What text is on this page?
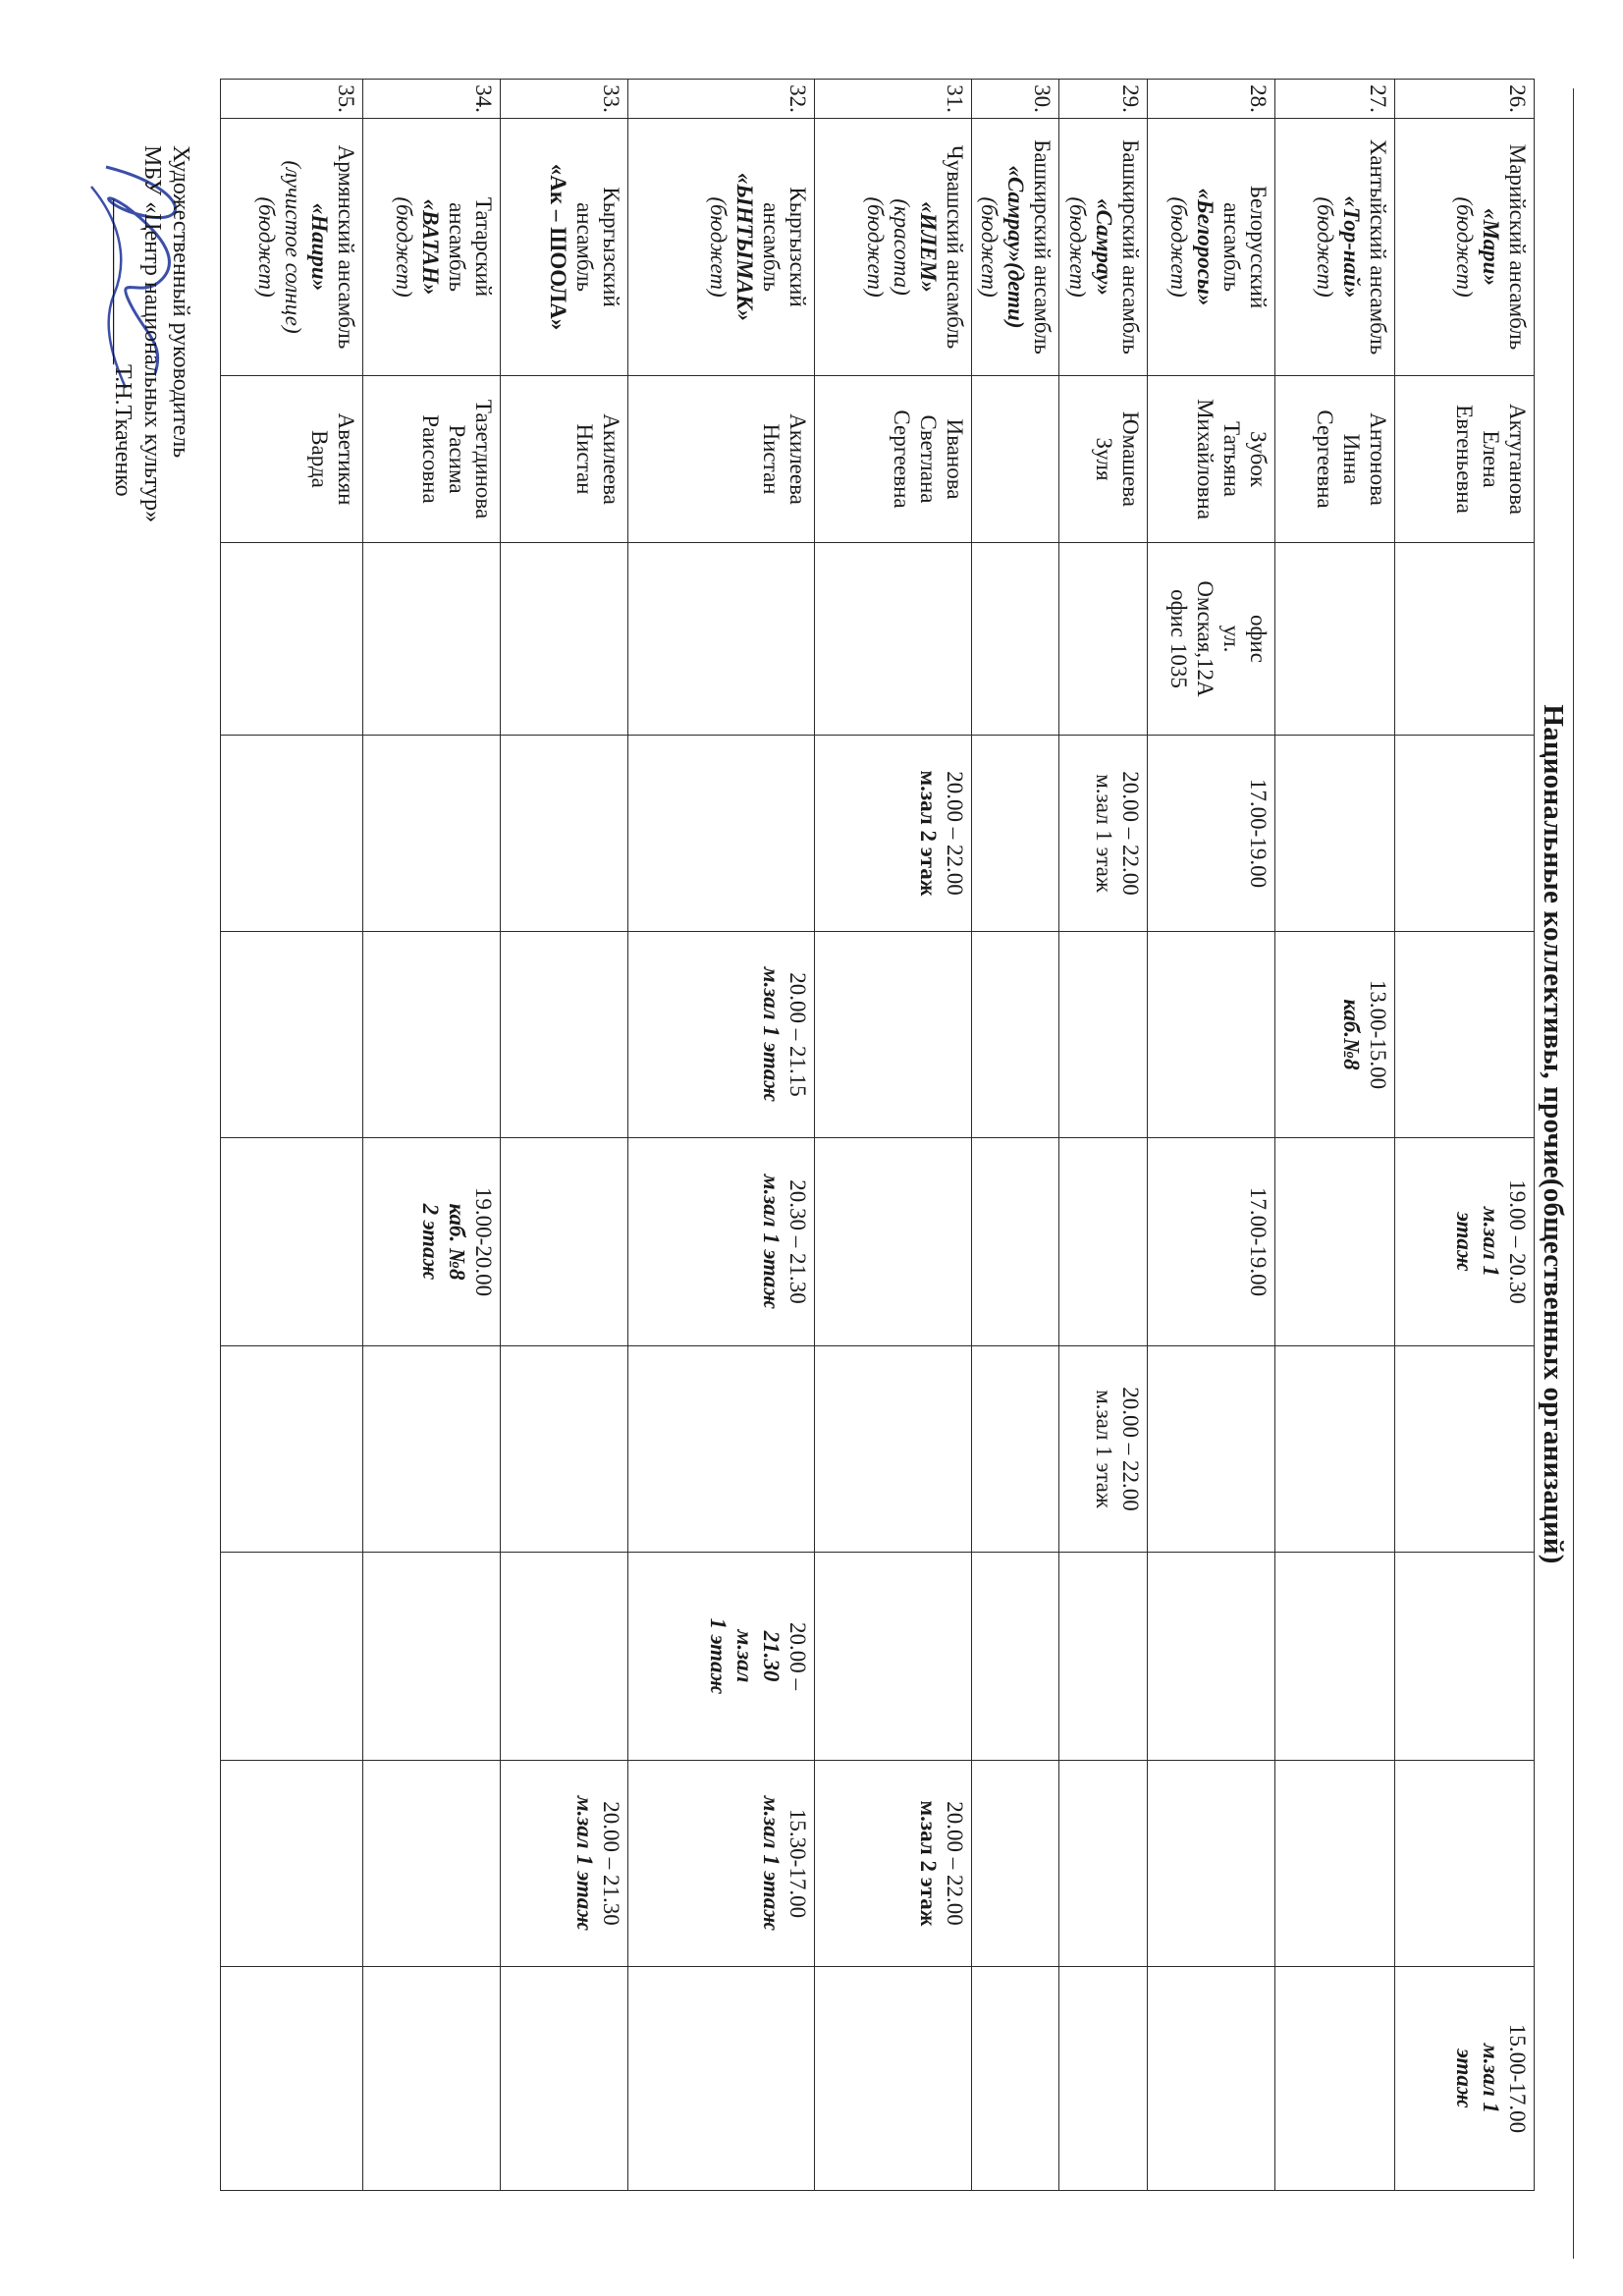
Национальные коллективы, прочие(общественных организаций)
26.	Марийский ансамбль
«Мари»
(бюджет)	Актуганова
Елена
Евгеньевна				19.00 – 20.30
м.зал 1
этаж				15.00-17.00
м.зал 1
этаж

27.	Хантыйский ансамбль
«Тор-най»
(бюджет)	Антонова
Инна
Сергеевна			13.00-15.00
каб.№8					

28.	Белорусский
ансамбль
«Белоросы»
(бюджет)	Зубок
Татьяна
Михайловна	офис
ул.
Омская,12А
офис 1035	17.00-19.00		17.00-19.00				

29.	Башкирский ансамбль
«Самрау»
(бюджет)	Юмашева
Зуля		20.00 – 22.00
м.зал 1 этаж			20.00 – 22.00
м.зал 1 этаж			

30.	Башкирский ансамбль
«Самрау»(дети)
(бюджет)									

31.	Чувашский ансамбль
«ИЛЕМ»
(красота)
(бюджет)	Иванова
Светлана
Сергеевна		20.00 – 22.00
м.зал 2 этаж					20.00 – 22.00
м.зал 2 этаж	

32.	Кыргызский
ансамбль
«ЫНТЫМАК»
(бюджет)	Акилеева
Нистан			20.00 – 21.15
м.зал 1 этаж	20.30 – 21.30
м.зал 1 этаж		20.00 –
21.30
м.зал
1 этаж	15.30-17.00
м.зал 1 этаж	

33.	Кыргызский
ансамбль
«Ак – ШООЛА»	Акилеева
Нистан							20.00 – 21.30
м.зал 1 этаж	

34.	Татарский
ансамбль
«ВАТАН»
(бюджет)	Тазетдинова
Расима Раисовна				19.00-20.00
каб. №8
2 этаж				

35.	Армянский ансамбль
«Наири»
(лучистое солнце)
(бюджет)	Аветикян
Варда								

Художественный руководитель
МБУ «Центр национальных культур»
______________Т.Н.Ткаченко
